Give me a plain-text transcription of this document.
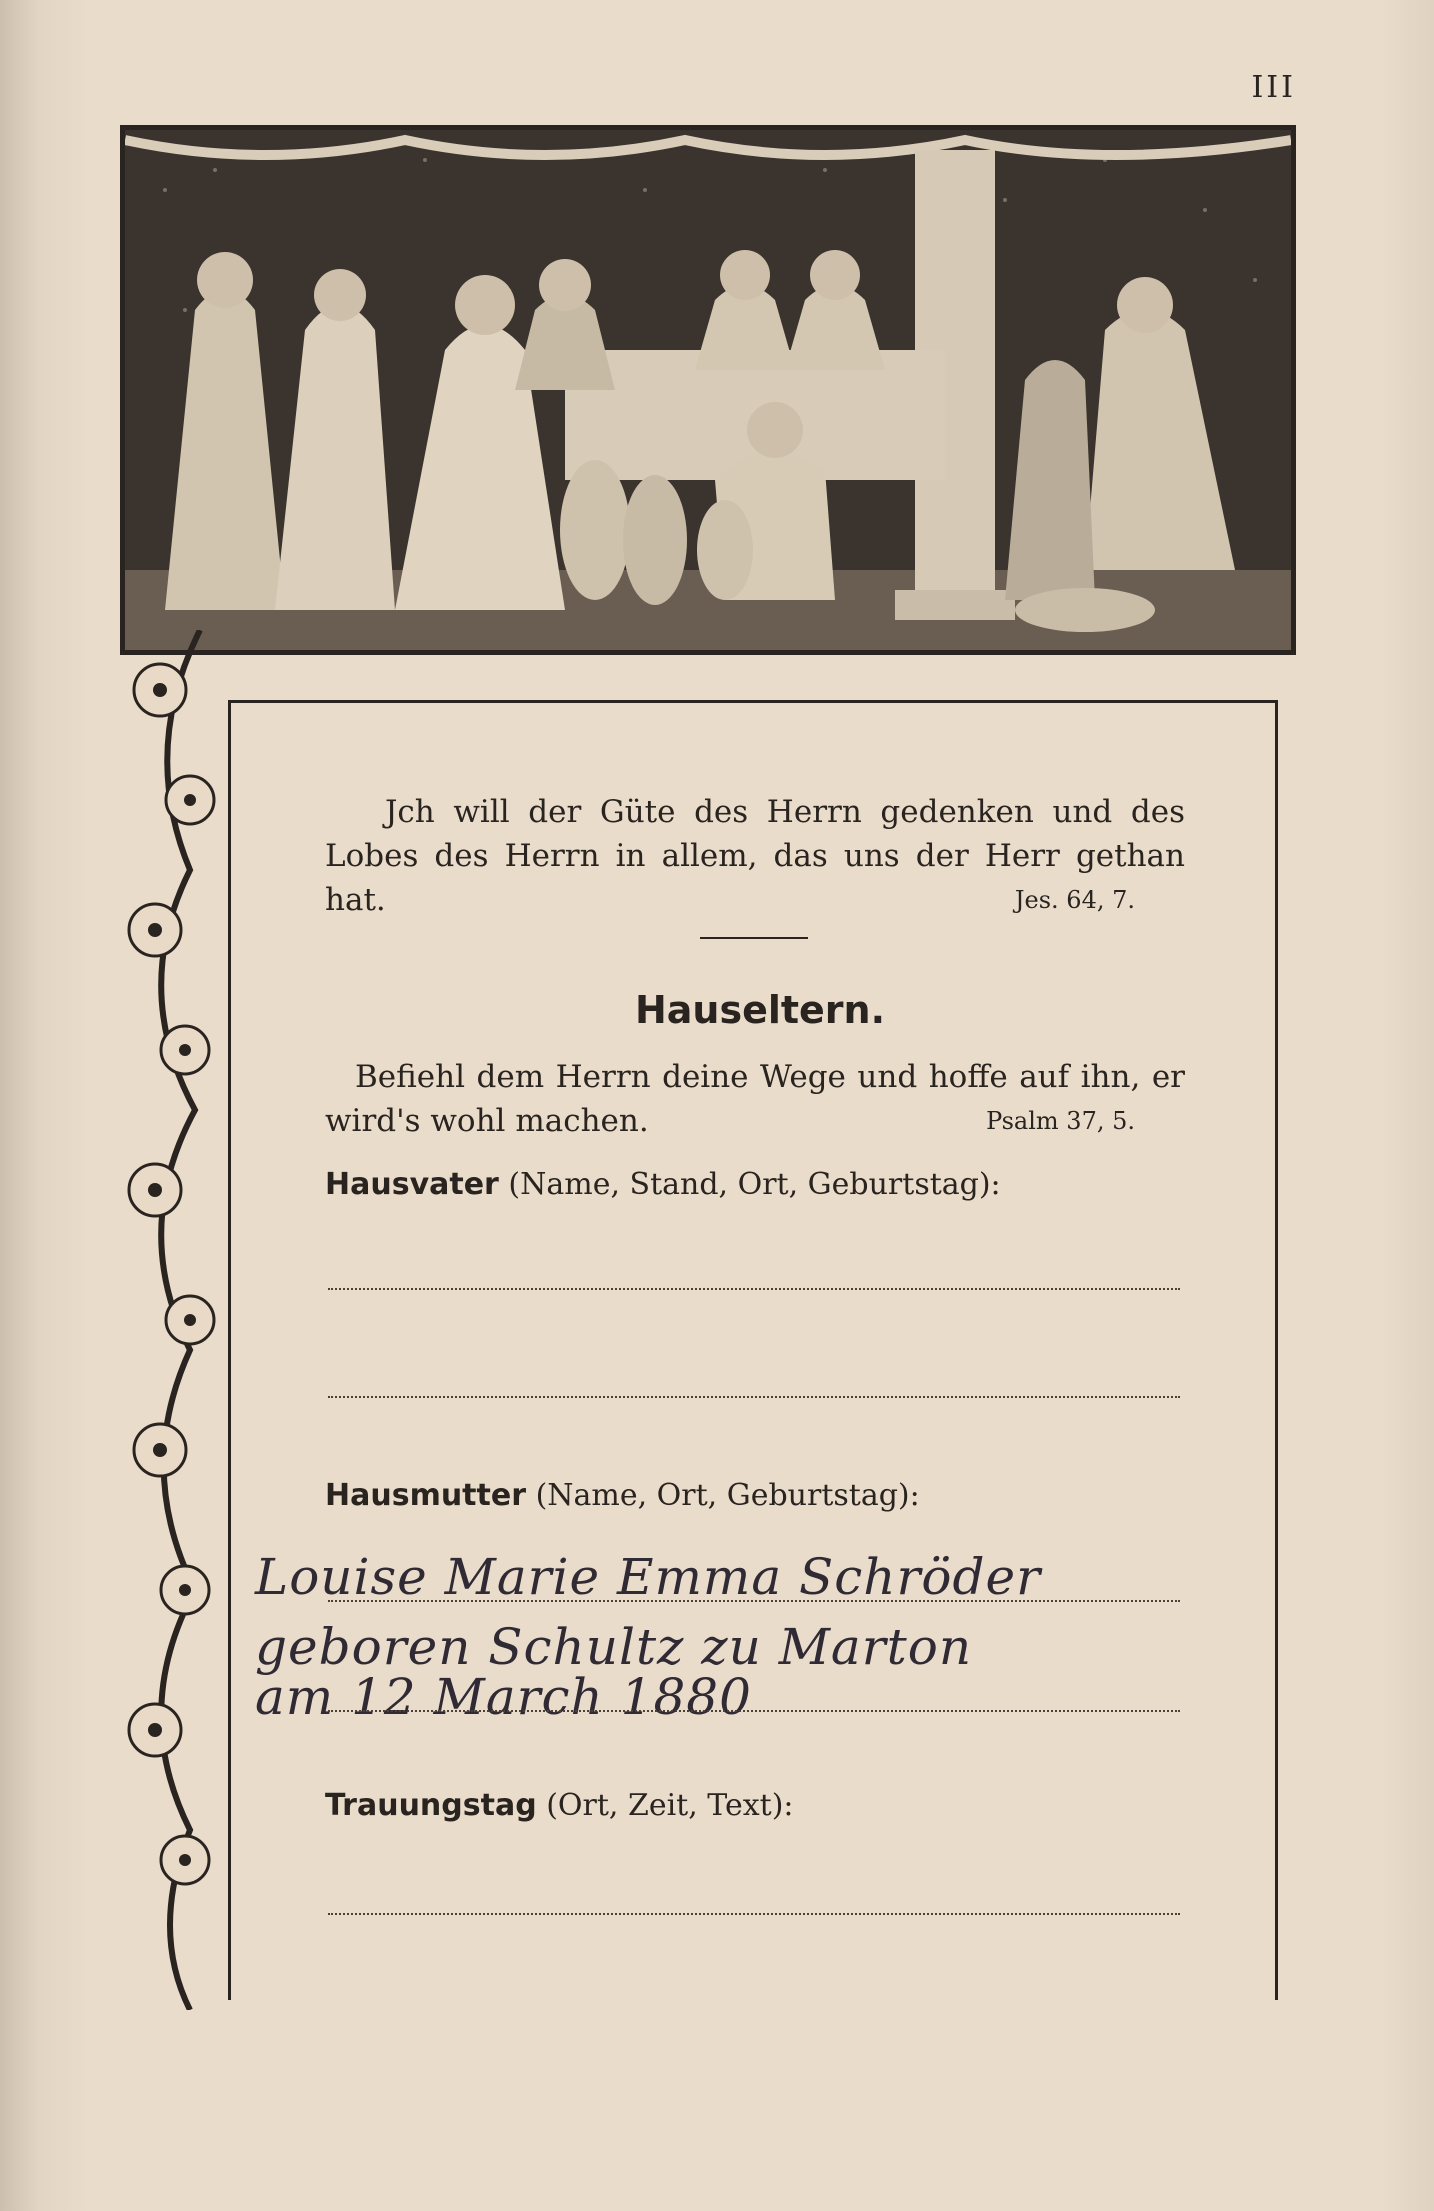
III
Jch will der Güte des Herrn gedenken und des Lobes des Herrn in allem, das uns der Herr gethan hat.	Jes. 64, 7.
Hauseltern.
Befiehl dem Herrn deine Wege und hoffe auf ihn, er wird's wohl machen.	Psalm 37, 5.
Hausvater (Name, Stand, Ort, Geburtstag):
Hausmutter (Name, Ort, Geburtstag):
Louise Marie Emma Schröder
geboren Schultz zu Marton
am 12 March 1880
Trauungstag (Ort, Zeit, Text):
